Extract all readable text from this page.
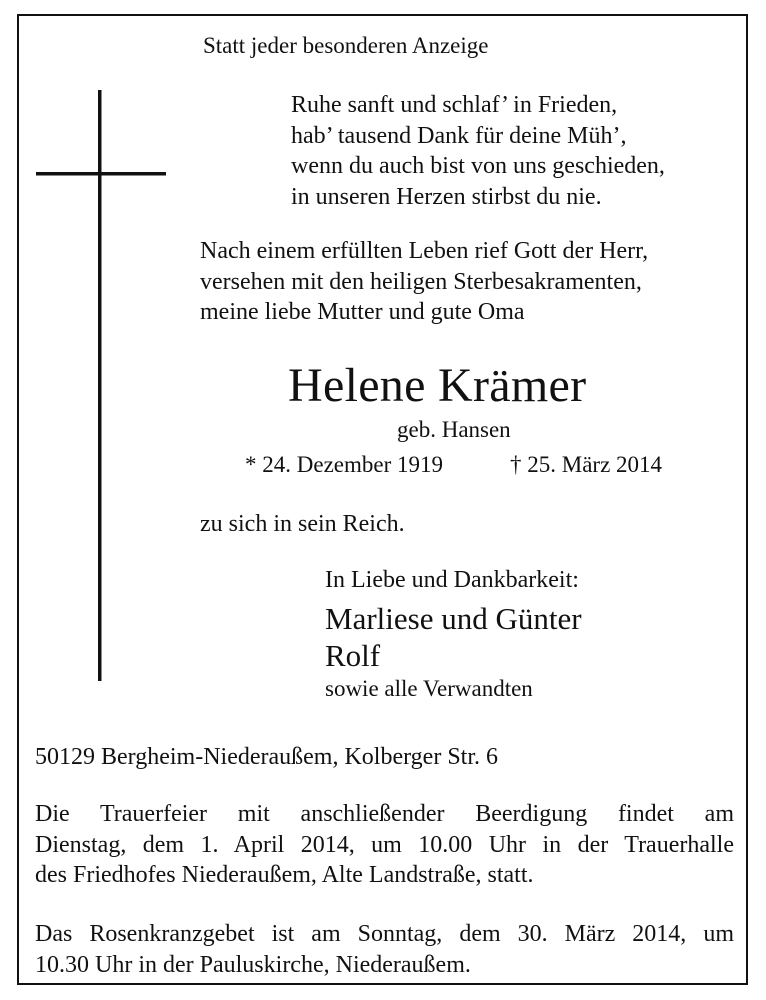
Statt jeder besonderen Anzeige

Ruhe sanft und schlaf’ in Frieden,
hab’ tausend Dank für deine Müh’,
wenn du auch bist von uns geschieden,
in unseren Herzen stirbst du nie.
Nach einem erfüllten Leben rief Gott der Herr,
versehen mit den heiligen Sterbesakramenten,
meine liebe Mutter und gute Oma

Helene Krämer

geb. Hansen

* 24. Dezember 1919	† 25. März 2014

zu sich in sein Reich.

In Liebe und Dankbarkeit:

Marliese und Günter
Rolf

sowie alle Verwandten

50129 Bergheim-Niederaußem, Kolberger Str. 6

Die Trauerfeier mit anschließender Beerdigung findet am
Dienstag, dem 1. April 2014, um 10.00 Uhr in der Trauerhalle
des Friedhofes Niederaußem, Alte Landstraße, statt.
Das Rosenkranzgebet ist am Sonntag, dem 30. März 2014, um
10.30 Uhr in der Pauluskirche, Niederaußem.
